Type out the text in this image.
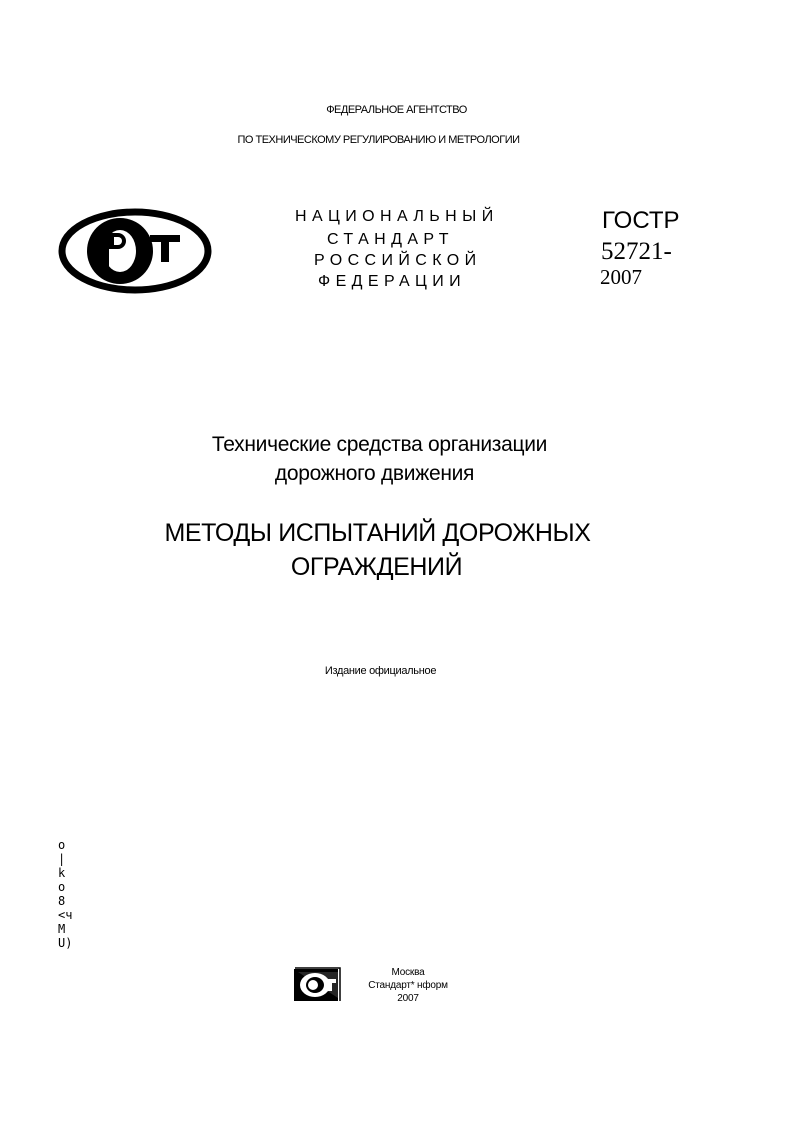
ФЕДЕРАЛЬНОЕ АГЕНТСТВО
ПО ТЕХНИЧЕСКОМУ РЕГУЛИРОВАНИЮ И МЕТРОЛОГИИ
НАЦИОНАЛЬНЫЙ
СТАНДАРТ
РОССИЙСКОЙ
ФЕДЕРАЦИИ
ГОСТР
52721-
2007
Технические средства организации
дорожного движения
МЕТОДЫ ИСПЫТАНИЙ ДОРОЖНЫХ
ОГРАЖДЕНИЙ
Издание официальное
о
|
k
o
8
<ч
M
U)
Москва
Стандарт* нформ
2007
